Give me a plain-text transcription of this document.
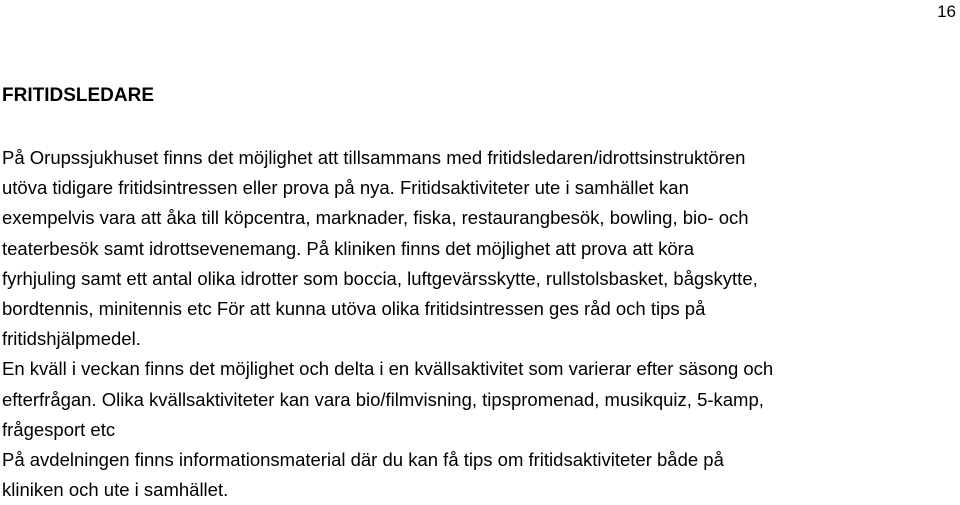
16
FRITIDSLEDARE
På Orupssjukhuset finns det möjlighet att tillsammans med fritidsledaren/idrottsinstruktören
utöva tidigare fritidsintressen eller prova på nya. Fritidsaktiviteter ute i samhället kan
exempelvis vara att åka till köpcentra, marknader, fiska, restaurangbesök, bowling, bio- och
teaterbesök samt idrottsevenemang. På kliniken finns det möjlighet att prova att köra
fyrhjuling samt ett antal olika idrotter som boccia, luftgevärsskytte, rullstolsbasket, bågskytte,
bordtennis, minitennis etc För att kunna utöva olika fritidsintressen ges råd och tips på
fritidshjälpmedel.
En kväll i veckan finns det möjlighet och delta i en kvällsaktivitet som varierar efter säsong och
efterfrågan. Olika kvällsaktiviteter kan vara bio/filmvisning, tipspromenad, musikquiz, 5-kamp,
frågesport etc
På avdelningen finns informationsmaterial där du kan få tips om fritidsaktiviteter både på
kliniken och ute i samhället.
